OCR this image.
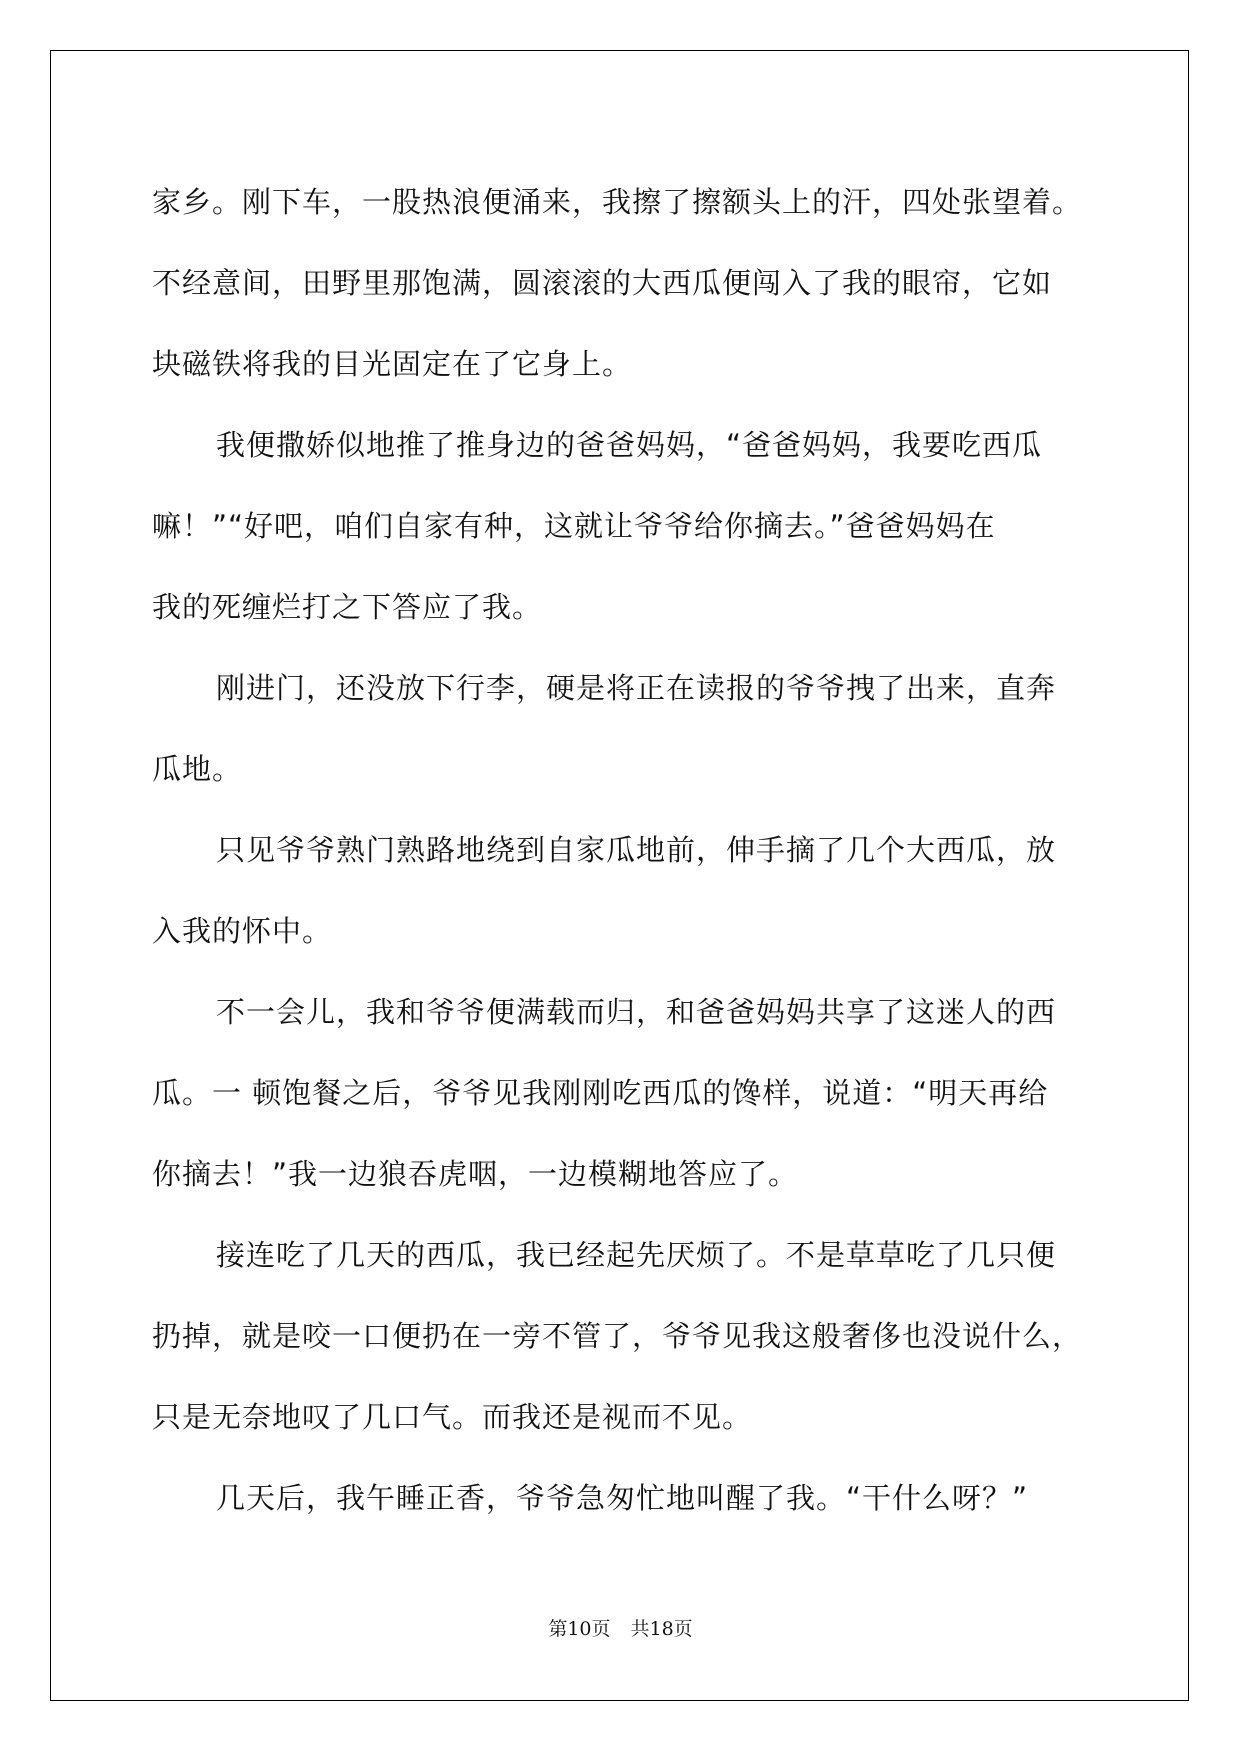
家乡。刚下车，一股热浪便涌来，我擦了擦额头上的汗，四处张望着。
不经意间，田野里那饱满，圆滚滚的大西瓜便闯入了我的眼帘，它如
块磁铁将我的目光固定在了它身上。
我便撒娇似地推了推身边的爸爸妈妈，“爸爸妈妈，我要吃西瓜
嘛！”“好吧，咱们自家有种，这就让爷爷给你摘去。”爸爸妈妈在
我的死缠烂打之下答应了我。
刚进门，还没放下行李，硬是将正在读报的爷爷拽了出来，直奔
瓜地。
只见爷爷熟门熟路地绕到自家瓜地前，伸手摘了几个大西瓜，放
入我的怀中。
不一会儿，我和爷爷便满载而归，和爸爸妈妈共享了这迷人的西
瓜。一 顿饱餐之后，爷爷见我刚刚吃西瓜的馋样，说道：“明天再给
你摘去！”我一边狼吞虎咽，一边模糊地答应了。
接连吃了几天的西瓜，我已经起先厌烦了。不是草草吃了几只便
扔掉，就是咬一口便扔在一旁不管了，爷爷见我这般奢侈也没说什么，
只是无奈地叹了几口气。而我还是视而不见。
几天后，我午睡正香，爷爷急匆忙地叫醒了我。“干什么呀？”
第10页 共18页
